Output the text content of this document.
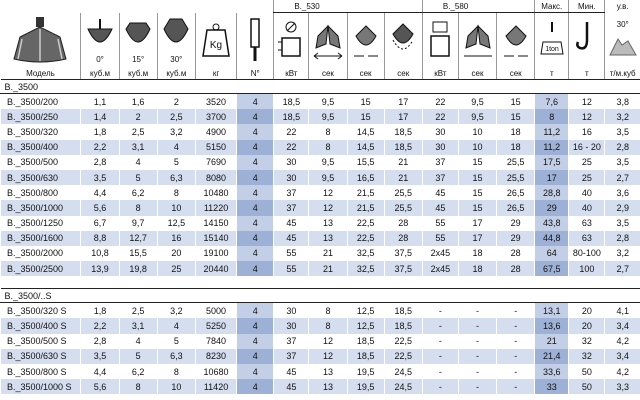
						В._530				В._580			Макс.	Мин.	у.в.

0°	15°	30°	Kg									1ton		30°

Модель	куб.м	куб.м	куб.м	кг	N°	кВт	сек	сек	сек	кВт	сек	сек	т	т	т/м.куб
В._3500															
В._3500/200	1,1	1,6	2	3520	4	18,5	9,5	15	17	22	9,5	15	7,6	12	3,8
В._3500/250	1,4	2	2,5	3700	4	18,5	9,5	15	17	22	9,5	15	8	12	3,2
В._3500/320	1,8	2,5	3,2	4900	4	22	8	14,5	18,5	30	10	18	11,2	16	3,5
В._3500/400	2,2	3,1	4	5150	4	22	8	14,5	18,5	30	10	18	11,2	16 - 20	2,8
В._3500/500	2,8	4	5	7690	4	30	9,5	15,5	21	37	15	25,5	17,5	25	3,5
В._3500/630	3,5	5	6,3	8080	4	30	9,5	16,5	21	37	15	25,5	17	25	2,7
В._3500/800	4,4	6,2	8	10480	4	37	12	21,5	25,5	45	15	26,5	28,8	40	3,6
В._3500/1000	5,6	8	10	11220	4	37	12	21,5	25,5	45	15	26,5	29	40	2,9
В._3500/1250	6,7	9,7	12,5	14150	4	45	13	22,5	28	55	17	29	43,8	63	3,5
В._3500/1600	8,8	12,7	16	15140	4	45	13	22,5	28	55	17	29	44,8	63	2,8
В._3500/2000	10,8	15,5	20	19100	4	55	21	32,5	37,5	2x45	18	28	64	80-100	3,2
В._3500/2500	13,9	19,8	25	20440	4	55	21	32,5	37,5	2x45	18	28	67,5	100	2,7

В._3500/..S															
В._3500/320 S	1,8	2,5	3,2	5000	4	30	8	12,5	18,5	-	-	-	13,1	20	4,1
В._3500/400 S	2,2	3,1	4	5250	4	30	8	12,5	18,5	-	-	-	13,6	20	3,4
В._3500/500 S	2,8	4	5	7840	4	37	12	18,5	22,5	-	-	-	21	32	4,2
В._3500/630 S	3,5	5	6,3	8230	4	37	12	18,5	22,5	-	-	-	21,4	32	3,4
В._3500/800 S	4,4	6,2	8	10680	4	45	13	19,5	24,5	-	-	-	33,6	50	4,2
В._3500/1000 S	5,6	8	10	11420	4	45	13	19,5	24,5	-	-	-	33	50	3,3
